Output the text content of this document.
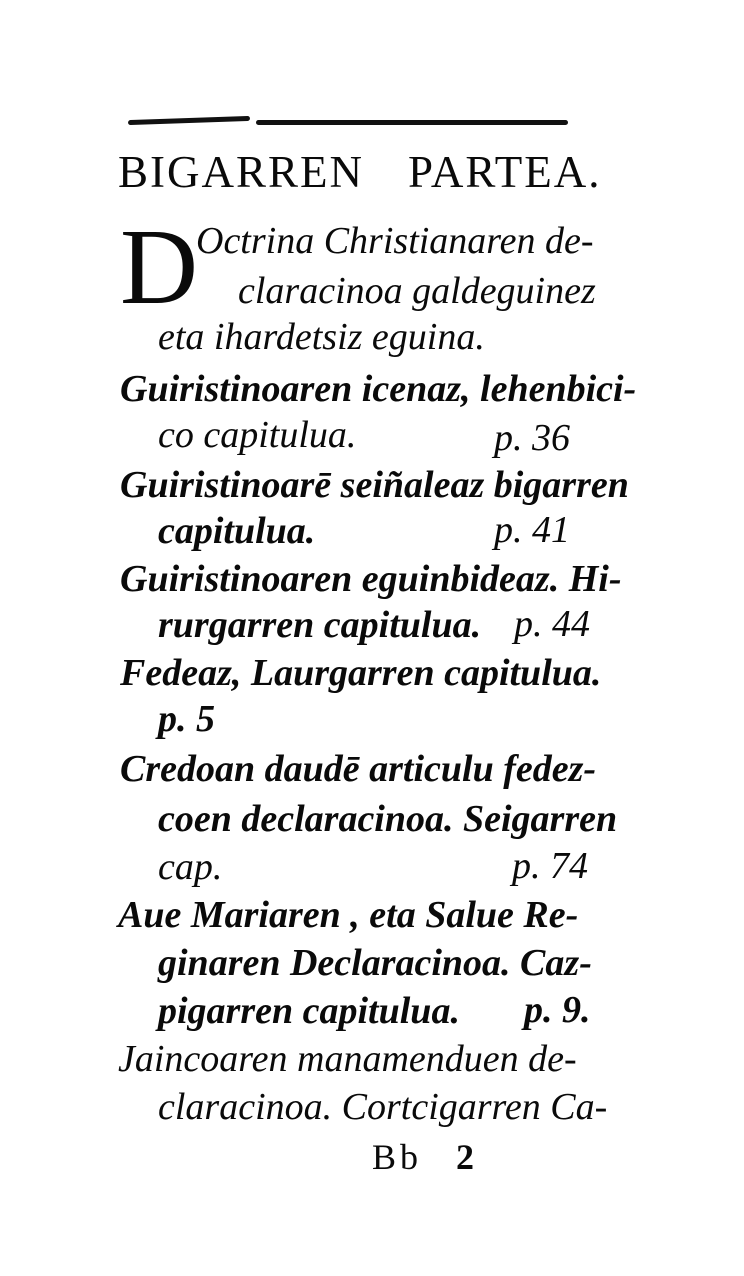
BIGARREN PARTEA.
D
Octrina Christianaren de-
claracinoa galdeguinez
eta ihardetsiz eguina.
Guiristinoaren icenaz, lehenbici-
co capitulua.	p. 36
Guiristinoarē seiñaleaz bigarren
capitulua.	p. 41
Guiristinoaren eguinbideaz. Hi-
rurgarren capitulua. p. 44
Fedeaz, Laurgarren capitulua.
p. 5
Credoan daudē articulu fedez-
coen declaracinoa. Seigarren
cap.	p. 74
Aue Mariaren , eta Salue Re-
ginaren Declaracinoa. Caz-
pigarren capitulua. p. 9.
Jaincoaren manamenduen de-
claracinoa. Cortcigarren Ca-
Bb 2
